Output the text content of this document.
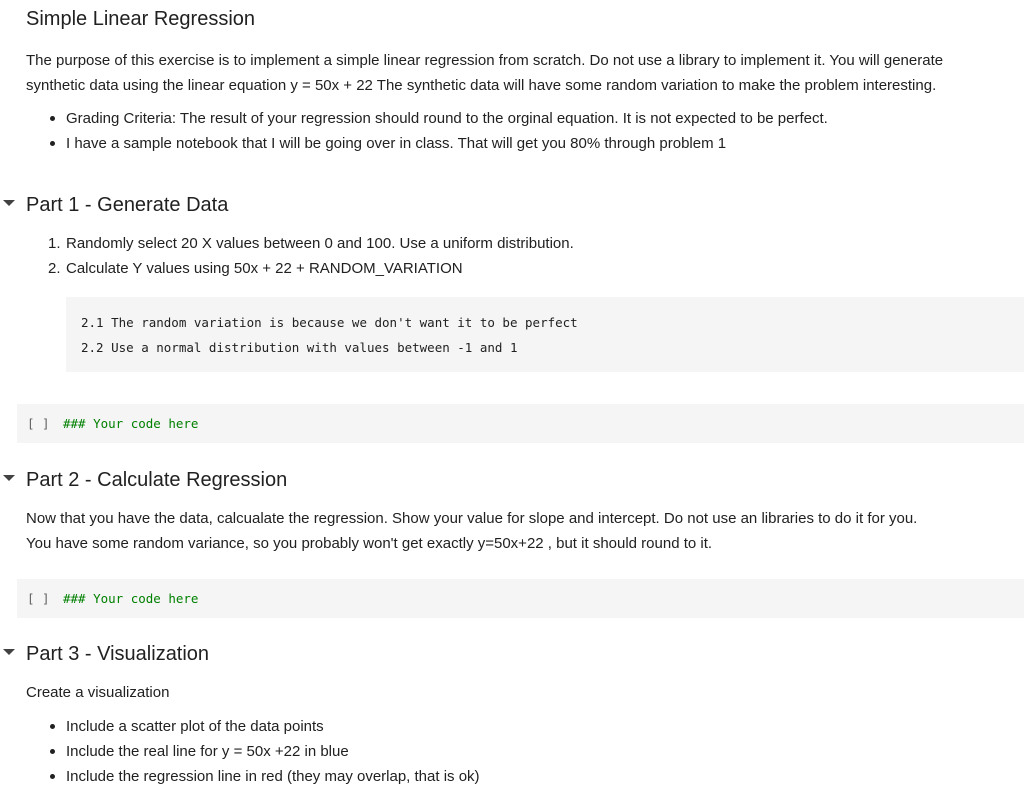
Simple Linear Regression
The purpose of this exercise is to implement a simple linear regression from scratch. Do not use a library to implement it. You will generate
synthetic data using the linear equation y = 50x + 22 The synthetic data will have some random variation to make the problem interesting.
Grading Criteria: The result of your regression should round to the orginal equation. It is not expected to be perfect.
I have a sample notebook that I will be going over in class. That will get you 80% through problem 1
Part 1 - Generate Data
1. Randomly select 20 X values between 0 and 100. Use a uniform distribution.
2. Calculate Y values using 50x + 22 + RANDOM_VARIATION
2.1 The random variation is because we don't want it to be perfect
2.2 Use a normal distribution with values between -1 and 1
[ ] ### Your code here
Part 2 - Calculate Regression
Now that you have the data, calcualate the regression. Show your value for slope and intercept. Do not use an libraries to do it for you.
You have some random variance, so you probably won't get exactly y=50x+22 , but it should round to it.
[ ] ### Your code here
Part 3 - Visualization
Create a visualization
Include a scatter plot of the data points
Include the real line for y = 50x +22 in blue
Include the regression line in red (they may overlap, that is ok)
